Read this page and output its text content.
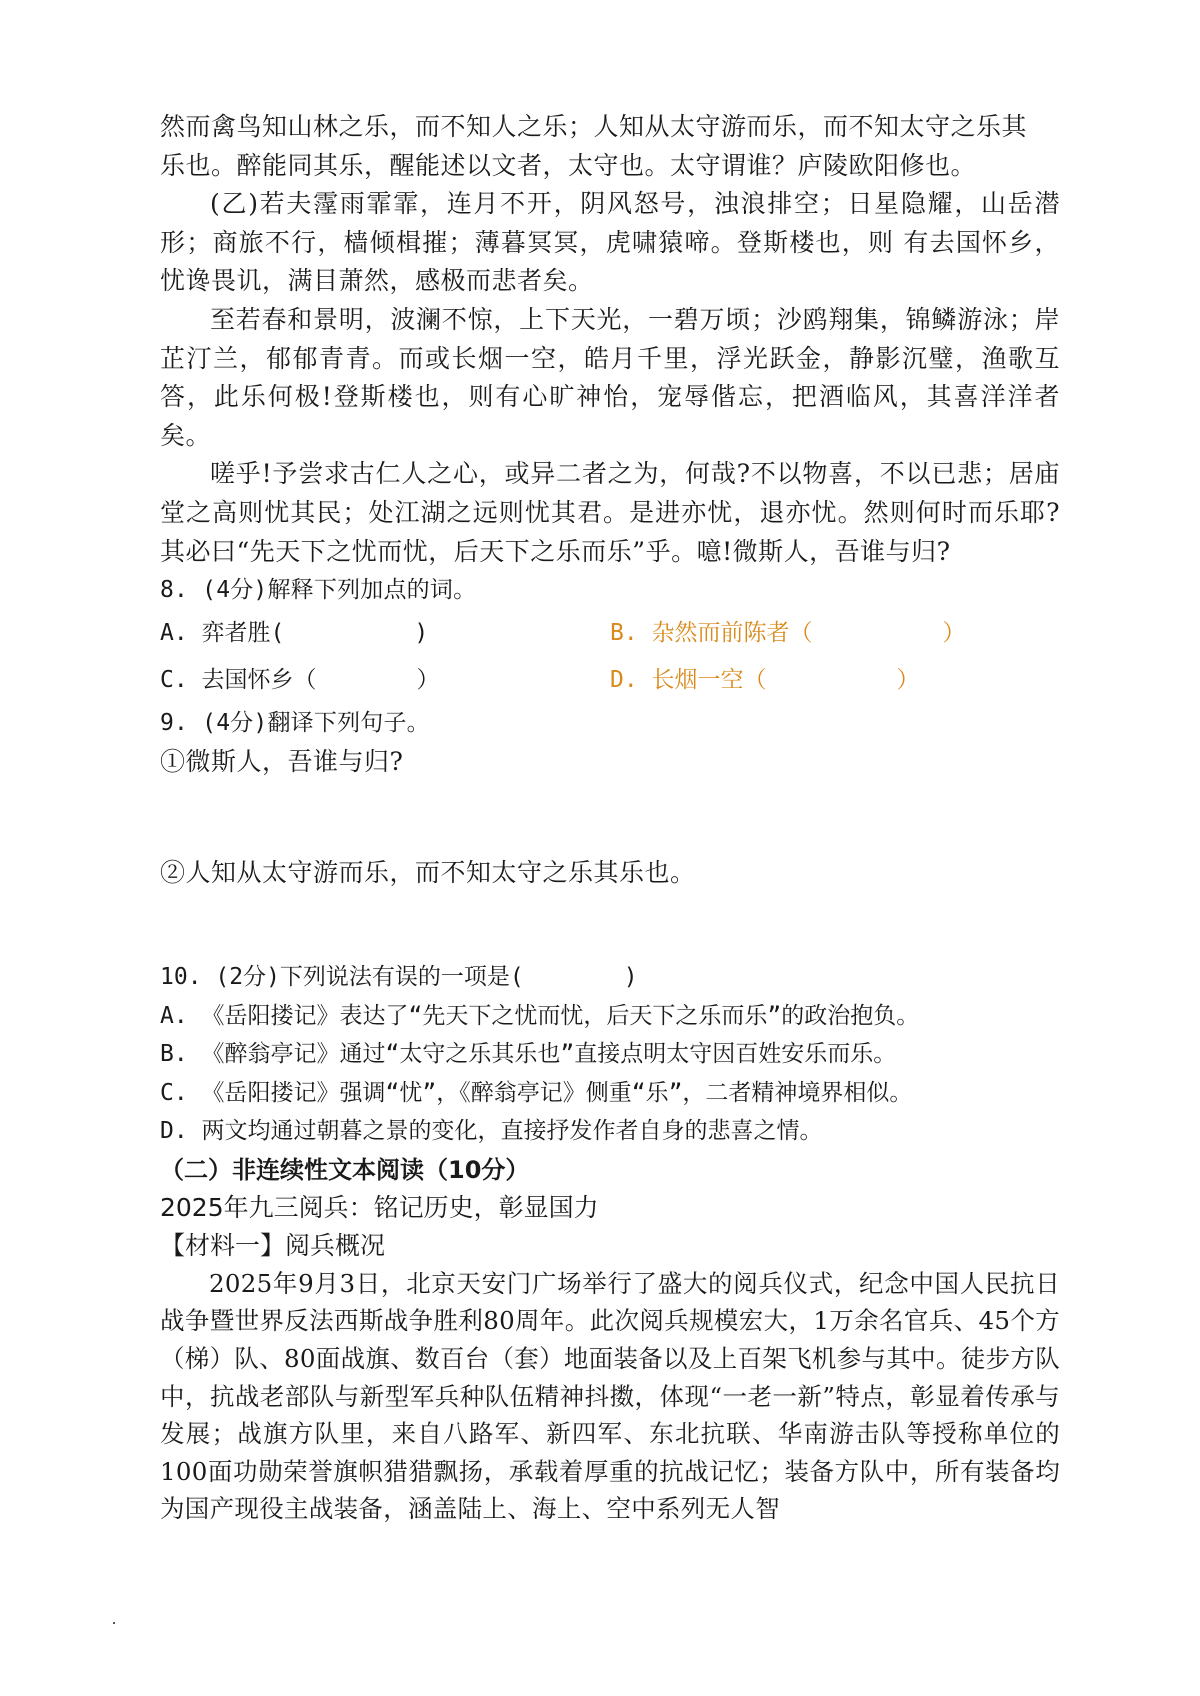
然而禽鸟知山林之乐，而不知人之乐；人知从太守游而乐，而不知太守之乐其
乐也。醉能同其乐，醒能述以文者，太守也。太守谓谁？庐陵欧阳修也。
(乙)若夫霪雨霏霏，连月不开，阴风怒号，浊浪排空；日星隐耀，山岳潜形；商旅不行，樯倾楫摧；薄暮冥冥，虎啸猿啼。登斯楼也，则 有去国怀乡，忧谗畏讥，满目萧然，感极而悲者矣。
至若春和景明，波澜不惊，上下天光，一碧万顷；沙鸥翔集，锦鳞游泳；岸芷汀兰，郁郁青青。而或长烟一空，皓月千里，浮光跃金，静影沉璧，渔歌互答，此乐何极!登斯楼也，则有心旷神怡，宠辱偕忘，把酒临风，其喜洋洋者矣。
嗟乎!予尝求古仁人之心，或异二者之为，何哉?不以物喜，不以已悲；居庙堂之高则忧其民；处江湖之远则忧其君。是进亦忧，退亦忧。然则何时而乐耶?其必曰“先天下之忧而忧，后天下之乐而乐”乎。噫!微斯人，吾谁与归?
8. (4分)解释下列加点的词。
A. 弈者胜(	)	B. 杂然而前陈者（	）
C. 去国怀乡（	）	D. 长烟一空（	）
9. (4分)翻译下列句子。
①微斯人，吾谁与归?
②人知从太守游而乐，而不知太守之乐其乐也。
10. (2分)下列说法有误的一项是(	)
A. 《岳阳搂记》表达了“先天下之忧而忧，后天下之乐而乐”的政治抱负。
B. 《醉翁亭记》通过“太守之乐其乐也”直接点明太守因百姓安乐而乐。
C. 《岳阳搂记》强调“忧”，《醉翁亭记》侧重“乐”，二者精神境界相似。
D. 两文均通过朝暮之景的变化，直接抒发作者自身的悲喜之情。
（二）非连续性文本阅读（10分）
2025年九三阅兵：铭记历史，彰显国力
【材料一】阅兵概况
2025年9月3日，北京天安门广场举行了盛大的阅兵仪式，纪念中国人民抗日战争暨世界反法西斯战争胜利80周年。此次阅兵规模宏大，1万余名官兵、45个方（梯）队、80面战旗、数百台（套）地面装备以及上百架飞机参与其中。徒步方队中，抗战老部队与新型军兵种队伍精神抖擞，体现“一老一新”特点，彰显着传承与发展；战旗方队里，来自八路军、新四军、东北抗联、华南游击队等授称单位的100面功勋荣誉旗帜猎猎飘扬，承载着厚重的抗战记忆；装备方队中，所有装备均为国产现役主战装备，涵盖陆上、海上、空中系列无人智
